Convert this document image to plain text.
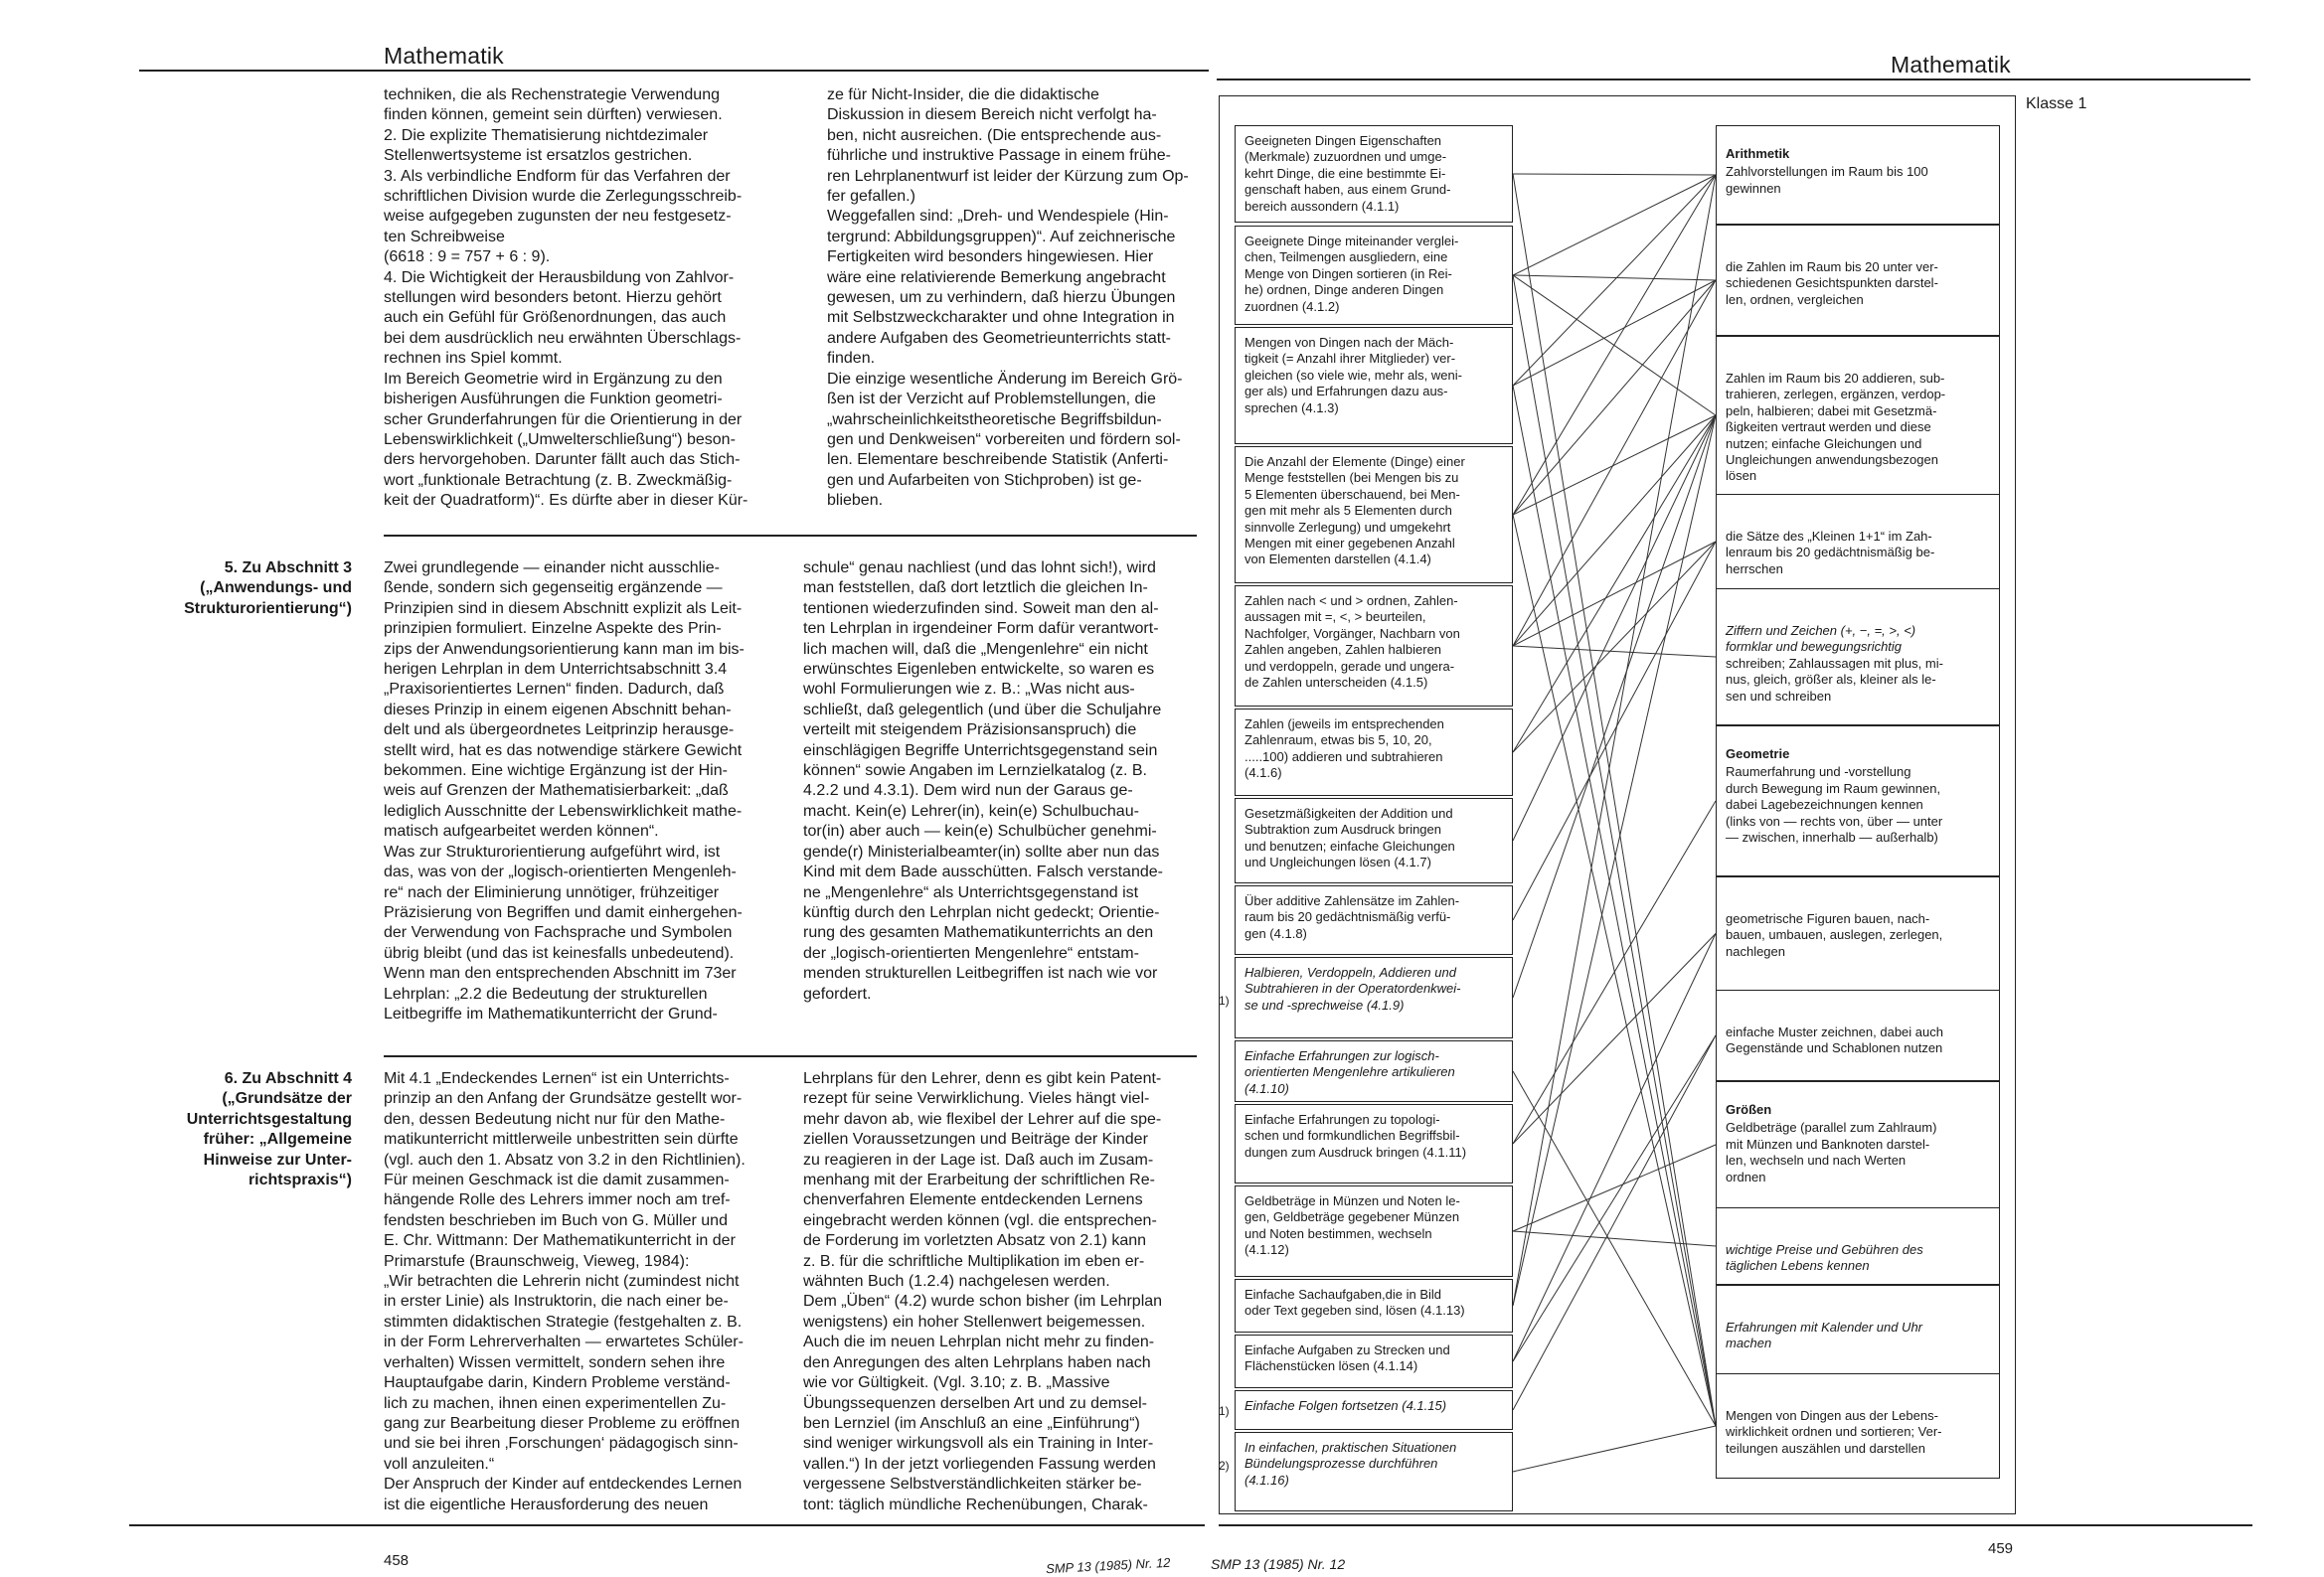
Mathematik
techniken, die als Rechenstrategie Verwendung
finden können, gemeint sein dürften) verwiesen.
2. Die explizite Thematisierung nichtdezimaler
Stellenwertsysteme ist ersatzlos gestrichen.
3. Als verbindliche Endform für das Verfahren der
schriftlichen Division wurde die Zerlegungsschreib-
weise aufgegeben zugunsten der neu festgesetz-
ten Schreibweise
(6618 : 9 = 757 + 6 : 9).
4. Die Wichtigkeit der Herausbildung von Zahlvor-
stellungen wird besonders betont. Hierzu gehört
auch ein Gefühl für Größenordnungen, das auch
bei dem ausdrücklich neu erwähnten Überschlags-
rechnen ins Spiel kommt.
Im Bereich Geometrie wird in Ergänzung zu den
bisherigen Ausführungen die Funktion geometri-
scher Grunderfahrungen für die Orientierung in der
Lebenswirklichkeit („Umwelterschließung“) beson-
ders hervorgehoben. Darunter fällt auch das Stich-
wort „funktionale Betrachtung (z. B. Zweckmäßig-
keit der Quadratform)“. Es dürfte aber in dieser Kür-
ze für Nicht-Insider, die die didaktische
Diskussion in diesem Bereich nicht verfolgt ha-
ben, nicht ausreichen. (Die entsprechende aus-
führliche und instruktive Passage in einem frühe-
ren Lehrplanentwurf ist leider der Kürzung zum Op-
fer gefallen.)
Weggefallen sind: „Dreh- und Wendespiele (Hin-
tergrund: Abbildungsgruppen)“. Auf zeichnerische
Fertigkeiten wird besonders hingewiesen. Hier
wäre eine relativierende Bemerkung angebracht
gewesen, um zu verhindern, daß hierzu Übungen
mit Selbstzweckcharakter und ohne Integration in
andere Aufgaben des Geometrieunterrichts statt-
finden.
Die einzige wesentliche Änderung im Bereich Grö-
ßen ist der Verzicht auf Problemstellungen, die
„wahrscheinlichkeitstheoretische Begriffsbildun-
gen und Denkweisen“ vorbereiten und fördern sol-
len. Elementare beschreibende Statistik (Anferti-
gen und Aufarbeiten von Stichproben) ist ge-
blieben.
5. Zu Abschnitt 3
(„Anwendungs- und
Strukturorientierung“)
Zwei grundlegende — einander nicht ausschlie-
ßende, sondern sich gegenseitig ergänzende —
Prinzipien sind in diesem Abschnitt explizit als Leit-
prinzipien formuliert. Einzelne Aspekte des Prin-
zips der Anwendungsorientierung kann man im bis-
herigen Lehrplan in dem Unterrichtsabschnitt 3.4
„Praxisorientiertes Lernen“ finden. Dadurch, daß
dieses Prinzip in einem eigenen Abschnitt behan-
delt und als übergeordnetes Leitprinzip herausge-
stellt wird, hat es das notwendige stärkere Gewicht
bekommen. Eine wichtige Ergänzung ist der Hin-
weis auf Grenzen der Mathematisierbarkeit: „daß
lediglich Ausschnitte der Lebenswirklichkeit mathe-
matisch aufgearbeitet werden können“.
Was zur Strukturorientierung aufgeführt wird, ist
das, was von der „logisch-orientierten Mengenleh-
re“ nach der Eliminierung unnötiger, frühzeitiger
Präzisierung von Begriffen und damit einhergehen-
der Verwendung von Fachsprache und Symbolen
übrig bleibt (und das ist keinesfalls unbedeutend).
Wenn man den entsprechenden Abschnitt im 73er
Lehrplan: „2.2 die Bedeutung der strukturellen
Leitbegriffe im Mathematikunterricht der Grund-
schule“ genau nachliest (und das lohnt sich!), wird
man feststellen, daß dort letztlich die gleichen In-
tentionen wiederzufinden sind. Soweit man den al-
ten Lehrplan in irgendeiner Form dafür verantwort-
lich machen will, daß die „Mengenlehre“ ein nicht
erwünschtes Eigenleben entwickelte, so waren es
wohl Formulierungen wie z. B.: „Was nicht aus-
schließt, daß gelegentlich (und über die Schuljahre
verteilt mit steigendem Präzisionsanspruch) die
einschlägigen Begriffe Unterrichtsgegenstand sein
können“ sowie Angaben im Lernzielkatalog (z. B.
4.2.2 und 4.3.1). Dem wird nun der Garaus ge-
macht. Kein(e) Lehrer(in), kein(e) Schulbuchau-
tor(in) aber auch — kein(e) Schulbücher genehmi-
gende(r) Ministerialbeamter(in) sollte aber nun das
Kind mit dem Bade ausschütten. Falsch verstande-
ne „Mengenlehre“ als Unterrichtsgegenstand ist
künftig durch den Lehrplan nicht gedeckt; Orientie-
rung des gesamten Mathematikunterrichts an den
der „logisch-orientierten Mengenlehre“ entstam-
menden strukturellen Leitbegriffen ist nach wie vor
gefordert.
6. Zu Abschnitt 4
(„Grundsätze der
Unterrichtsgestaltung
früher: „Allgemeine
Hinweise zur Unter-
richtspraxis“)
Mit 4.1 „Endeckendes Lernen“ ist ein Unterrichts-
prinzip an den Anfang der Grundsätze gestellt wor-
den, dessen Bedeutung nicht nur für den Mathe-
matikunterricht mittlerweile unbestritten sein dürfte
(vgl. auch den 1. Absatz von 3.2 in den Richtlinien).
Für meinen Geschmack ist die damit zusammen-
hängende Rolle des Lehrers immer noch am tref-
fendsten beschrieben im Buch von G. Müller und
E. Chr. Wittmann: Der Mathematikunterricht in der
Primarstufe (Braunschweig, Vieweg, 1984):
„Wir betrachten die Lehrerin nicht (zumindest nicht
in erster Linie) als Instruktorin, die nach einer be-
stimmten didaktischen Strategie (festgehalten z. B.
in der Form Lehrerverhalten — erwartetes Schüler-
verhalten) Wissen vermittelt, sondern sehen ihre
Hauptaufgabe darin, Kindern Probleme verständ-
lich zu machen, ihnen einen experimentellen Zu-
gang zur Bearbeitung dieser Probleme zu eröffnen
und sie bei ihren ‚Forschungen‘ pädagogisch sinn-
voll anzuleiten.“
Der Anspruch der Kinder auf entdeckendes Lernen
ist die eigentliche Herausforderung des neuen
Lehrplans für den Lehrer, denn es gibt kein Patent-
rezept für seine Verwirklichung. Vieles hängt viel-
mehr davon ab, wie flexibel der Lehrer auf die spe-
ziellen Voraussetzungen und Beiträge der Kinder
zu reagieren in der Lage ist. Daß auch im Zusam-
menhang mit der Erarbeitung der schriftlichen Re-
chenverfahren Elemente entdeckenden Lernens
eingebracht werden können (vgl. die entsprechen-
de Forderung im vorletzten Absatz von 2.1) kann
z. B. für die schriftliche Multiplikation im eben er-
wähnten Buch (1.2.4) nachgelesen werden.
Dem „Üben“ (4.2) wurde schon bisher (im Lehrplan
wenigstens) ein hoher Stellenwert beigemessen.
Auch die im neuen Lehrplan nicht mehr zu finden-
den Anregungen des alten Lehrplans haben nach
wie vor Gültigkeit. (Vgl. 3.10; z. B. „Massive
Übungssequenzen derselben Art und zu demsel-
ben Lernziel (im Anschluß an eine „Einführung“)
sind weniger wirkungsvoll als ein Training in Inter-
vallen.“) In der jetzt vorliegenden Fassung werden
vergessene Selbstverständlichkeiten stärker be-
tont: täglich mündliche Rechenübungen, Charak-
458	SMP 13 (1985) Nr. 12
Mathematik
Klasse 1
Geeigneten Dingen Eigenschaften
(Merkmale) zuzuordnen und umge-
kehrt Dinge, die eine bestimmte Ei-
genschaft haben, aus einem Grund-
bereich aussondern (4.1.1)
Geeignete Dinge miteinander verglei-
chen, Teilmengen ausgliedern, eine
Menge von Dingen sortieren (in Rei-
he) ordnen, Dinge anderen Dingen
zuordnen (4.1.2)
Mengen von Dingen nach der Mäch-
tigkeit (= Anzahl ihrer Mitglieder) ver-
gleichen (so viele wie, mehr als, weni-
ger als) und Erfahrungen dazu aus-
sprechen (4.1.3)
Die Anzahl der Elemente (Dinge) einer
Menge feststellen (bei Mengen bis zu
5 Elementen überschauend, bei Men-
gen mit mehr als 5 Elementen durch
sinnvolle Zerlegung) und umgekehrt
Mengen mit einer gegebenen Anzahl
von Elementen darstellen (4.1.4)
Zahlen nach < und > ordnen, Zahlen-
aussagen mit =, <, > beurteilen,
Nachfolger, Vorgänger, Nachbarn von
Zahlen angeben, Zahlen halbieren
und verdoppeln, gerade und ungera-
de Zahlen unterscheiden (4.1.5)
Zahlen (jeweils im entsprechenden
Zahlenraum, etwas bis 5, 10, 20,
.....100) addieren und subtrahieren
(4.1.6)
Gesetzmäßigkeiten der Addition und
Subtraktion zum Ausdruck bringen
und benutzen; einfache Gleichungen
und Ungleichungen lösen (4.1.7)
Über additive Zahlensätze im Zahlen-
raum bis 20 gedächtnismäßig verfü-
gen (4.1.8)
Halbieren, Verdoppeln, Addieren und
Subtrahieren in der Operatordenkwei-
se und -sprechweise (4.1.9)
Einfache Erfahrungen zur logisch-
orientierten Mengenlehre artikulieren
(4.1.10)
Einfache Erfahrungen zu topologi-
schen und formkundlichen Begriffsbil-
dungen zum Ausdruck bringen (4.1.11)
Geldbeträge in Münzen und Noten le-
gen, Geldbeträge gegebener Münzen
und Noten bestimmen, wechseln
(4.1.12)
Einfache Sachaufgaben,die in Bild
oder Text gegeben sind, lösen (4.1.13)
Einfache Aufgaben zu Strecken und
Flächenstücken lösen (4.1.14)
Einfache Folgen fortsetzen (4.1.15)
In einfachen, praktischen Situationen
Bündelungsprozesse durchführen
(4.1.16)
Arithmetik
Zahlvorstellungen im Raum bis 100
gewinnen
die Zahlen im Raum bis 20 unter ver-
schiedenen Gesichtspunkten darstel-
len, ordnen, vergleichen
Zahlen im Raum bis 20 addieren, sub-
trahieren, zerlegen, ergänzen, verdop-
peln, halbieren; dabei mit Gesetzmä-
ßigkeiten vertraut werden und diese
nutzen; einfache Gleichungen und
Ungleichungen anwendungsbezogen
lösen
die Sätze des „Kleinen 1+1“ im Zah-
lenraum bis 20 gedächtnismäßig be-
herrschen
Ziffern und Zeichen (+, −, =, >, <)
formklar und bewegungsrichtig
schreiben; Zahlaussagen mit plus, mi-
nus, gleich, größer als, kleiner als le-
sen und schreiben
Geometrie
Raumerfahrung und -vorstellung
durch Bewegung im Raum gewinnen,
dabei Lagebezeichnungen kennen
(links von — rechts von, über — unter
— zwischen, innerhalb — außerhalb)
geometrische Figuren bauen, nach-
bauen, umbauen, auslegen, zerlegen,
nachlegen
einfache Muster zeichnen, dabei auch
Gegenstände und Schablonen nutzen
Größen
Geldbeträge (parallel zum Zahlraum)
mit Münzen und Banknoten darstel-
len, wechseln und nach Werten
ordnen
wichtige Preise und Gebühren des
täglichen Lebens kennen
Erfahrungen mit Kalender und Uhr
machen
Mengen von Dingen aus der Lebens-
wirklichkeit ordnen und sortieren; Ver-
teilungen auszählen und darstellen
1)
1)
2)
459
SMP 13 (1985) Nr. 12
